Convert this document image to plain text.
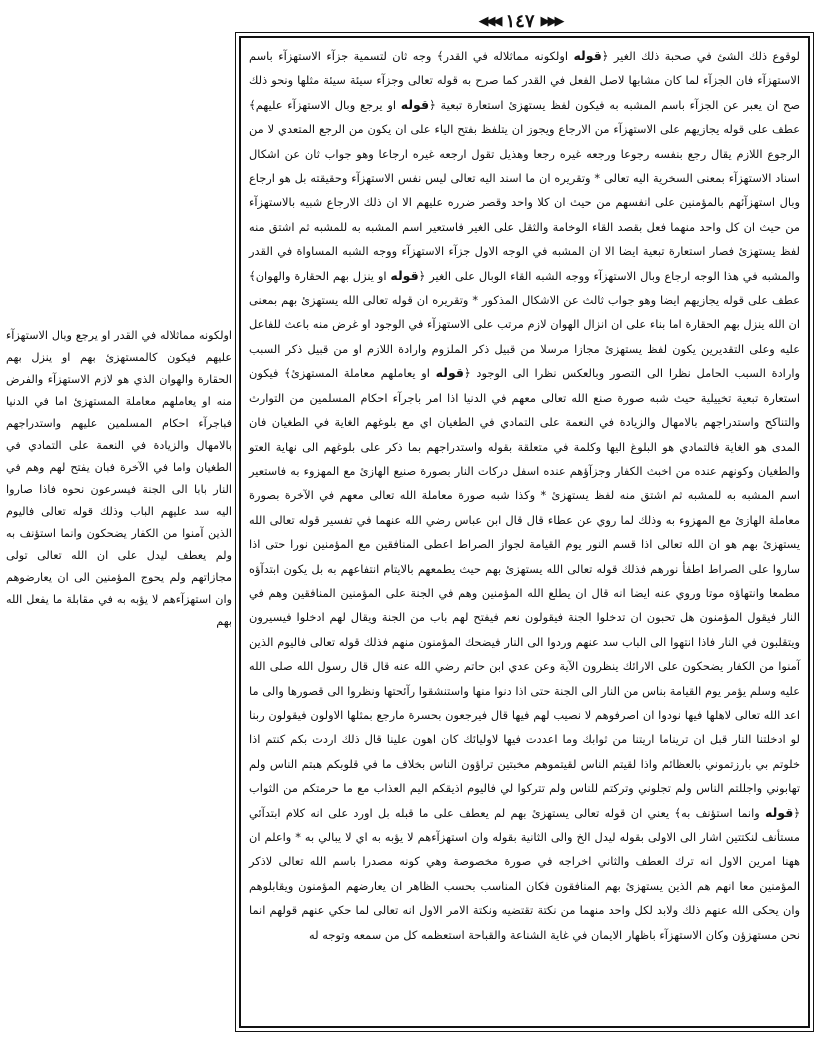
◀◀◀ ١٤٧ ▶▶▶

لوقوع ذلك الشئ في صحبة ذلك الغير ﴿قوله اولكونه مماثلاله في القدر﴾ وجه ثان لتسمية جزآء الاستهزآء باسم الاستهزآء فان الجزآء لما كان مشابها لاصل الفعل في القدر كما صرح به قوله تعالى وجزآء سيئة سيئة مثلها ونحو ذلك صح ان يعبر عن الجزآء باسم المشبه به فيكون لفظ يستهزئ استعارة تبعية ﴿قوله او يرجع وبال الاستهزآء عليهم﴾ عطف على قوله يجازيهم على الاستهزآء من الارجاع ويجوز ان يتلفظ بفتح الياء على ان يكون من الرجع المتعدي لا من الرجوع اللازم يقال رجع بنفسه رجوعا ورجعه غيره رجعا وهذيل تقول ارجعه غيره ارجاعا وهو جواب ثان عن اشكال اسناد الاستهزآء بمعنى السخرية اليه تعالى * وتقريره ان ما اسند اليه تعالى ليس نفس الاستهزآء وحقيقته بل هو ارجاع وبال استهزآئهم بالمؤمنين على انفسهم من حيث ان كلا واحد وقصر ضرره عليهم الا ان ذلك الارجاع شبيه بالاستهزآء من حيث ان كل واحد منهما فعل بقصد القاء الوخامة والثقل على الغير فاستعير اسم المشبه به للمشبه ثم اشتق منه لفظ يستهزئ فصار استعارة تبعية ايضا الا ان المشبه في الوجه الاول جزآء الاستهزآء ووجه الشبه المساواة في القدر والمشبه في هذا الوجه ارجاع وبال الاستهزآء ووجه الشبه القاء الوبال على الغير ﴿قوله او ينزل بهم الحقارة والهوان﴾ عطف على قوله يجازيهم ايضا وهو جواب ثالث عن الاشكال المذكور * وتقريره ان قوله تعالى الله يستهزئ بهم بمعنى ان الله ينزل بهم الحقارة اما بناء على ان انزال الهوان لازم مرتب على الاستهزآء في الوجود او غرض منه باعث للفاعل عليه وعلى التقديرين يكون لفظ يستهزئ مجازا مرسلا من قبيل ذكر الملزوم وارادة اللازم او من قبيل ذكر السبب وارادة السبب الحامل نظرا الى التصور وبالعكس نظرا الى الوجود ﴿قوله او يعاملهم معاملة المستهزئ﴾ فيكون استعارة تبعية تخييلية حيث شبه صورة صنع الله تعالى معهم في الدنيا اذا امر باجرآء احكام المسلمين من التوارث والتناكح واستدراجهم بالامهال والزيادة في النعمة على التمادي في الطغيان اي مع بلوغهم الغاية في الطغيان فان المدى هو الغاية فالتمادي هو البلوغ اليها وكلمة في متعلقة بقوله واستدراجهم بما ذكر على بلوغهم الى نهاية العتو والطغيان وكونهم عنده من اخبث الكفار وجزآؤهم عنده اسفل دركات النار بصورة صنيع الهازئ مع المهزوء به فاستعير اسم المشبه به للمشبه ثم اشتق منه لفظ يستهزئ * وكذا شبه صورة معاملة الله تعالى معهم في الآخرة بصورة معاملة الهازئ مع المهزوء به وذلك لما روي عن عطاء قال قال ابن عباس رضي الله عنهما في تفسير قوله تعالى الله يستهزئ بهم هو ان الله تعالى اذا قسم النور يوم القيامة لجواز الصراط اعطى المنافقين مع المؤمنين نورا حتى اذا ساروا على الصراط اطفأ نورهم فذلك قوله تعالى الله يستهزئ بهم حيث يطمعهم بالايتام انتفاعهم به بل يكون ابتدآؤه مطمعا وانتهاؤه موتا وروي عنه ايضا انه قال ان يطلع الله المؤمنين وهم في الجنة على المؤمنين المنافقين وهم في النار فيقول المؤمنون هل تحبون ان تدخلوا الجنة فيقولون نعم فيفتح لهم باب من الجنة ويقال لهم ادخلوا فيسيرون ويتقلبون في النار فاذا انتهوا الى الباب سد عنهم وردوا الى النار فيضحك المؤمنون منهم فذلك قوله تعالى فاليوم الذين آمنوا من الكفار يضحكون على الارائك ينظرون الآية وعن عدي ابن حاتم رضي الله عنه قال قال رسول الله صلى الله عليه وسلم يؤمر يوم القيامة بناس من النار الى الجنة حتى اذا دنوا منها واستنشقوا رآئحتها ونظروا الى قصورها والى ما اعد الله تعالى لاهلها فيها نودوا ان اصرفوهم لا نصيب لهم فيها قال فيرجعون بحسرة مارجع بمثلها الاولون فيقولون ربنا لو ادخلتنا النار قبل ان تريناما اريتنا من ثوابك وما اعددت فيها لاوليائك كان اهون علينا قال ذلك اردت بكم كنتم اذا خلوتم بي بارزتموني بالعظائم واذا لقيتم الناس لقيتموهم مخبتين تراؤون الناس بخلاف ما في قلوبكم هبتم الناس ولم تهابوني واجللتم الناس ولم تجلوني وتركتم للناس ولم تتركوا لي فاليوم اذيقكم اليم العذاب مع ما حرمتكم من الثواب ﴿قوله وانما استؤنف به﴾ يعني ان قوله تعالى يستهزئ بهم لم يعطف على ما قبله بل اورد على انه كلام ابتدآئي مستأنف لنكتتين اشار الى الاولى بقوله ليدل الخ والى الثانية بقوله وان استهزآءهم لا يؤبه به اي لا يبالي به * واعلم ان ههنا امرين الاول انه ترك العطف والثاني اخراجه في صورة مخصوصة وهي كونه مصدرا باسم الله تعالى لاذكر المؤمنين معا انهم هم الذين يستهزئ بهم المنافقون فكان المناسب بحسب الظاهر ان يعارضهم المؤمنون ويقابلوهم وان يحكى الله عنهم ذلك ولابد لكل واحد منهما من نكتة تقتضيه ونكتة الامر الاول انه تعالى لما حكي عنهم قولهم انما نحن مستهزؤن وكان الاستهزآء باظهار الايمان في غاية الشناعة والقباحة استعظمه كل من سمعه وتوجه له

اولكونه مماثلاله في القدر او يرجع وبال الاستهزآء عليهم فيكون كالمستهزئ بهم او ينزل بهم الحقارة والهوان الذي هو لازم الاستهزآء والفرض منه او يعاملهم معاملة المستهزئ اما في الدنيا فباجرآء احكام المسلمين عليهم واستدراجهم بالامهال والزيادة في النعمة على التمادي في الطغيان واما في الآخرة فبان يفتح لهم وهم في النار بابا الى الجنة فيسرعون نحوه فاذا صاروا اليه سد عليهم الباب وذلك قوله تعالى فاليوم الذين آمنوا من الكفار يضحكون وانما استؤنف به ولم يعطف ليدل على ان الله تعالى تولى مجازاتهم ولم يحوج المؤمنين الى ان يعارضوهم وان استهزآءهم لا يؤبه به في مقابلة ما يفعل الله بهم
